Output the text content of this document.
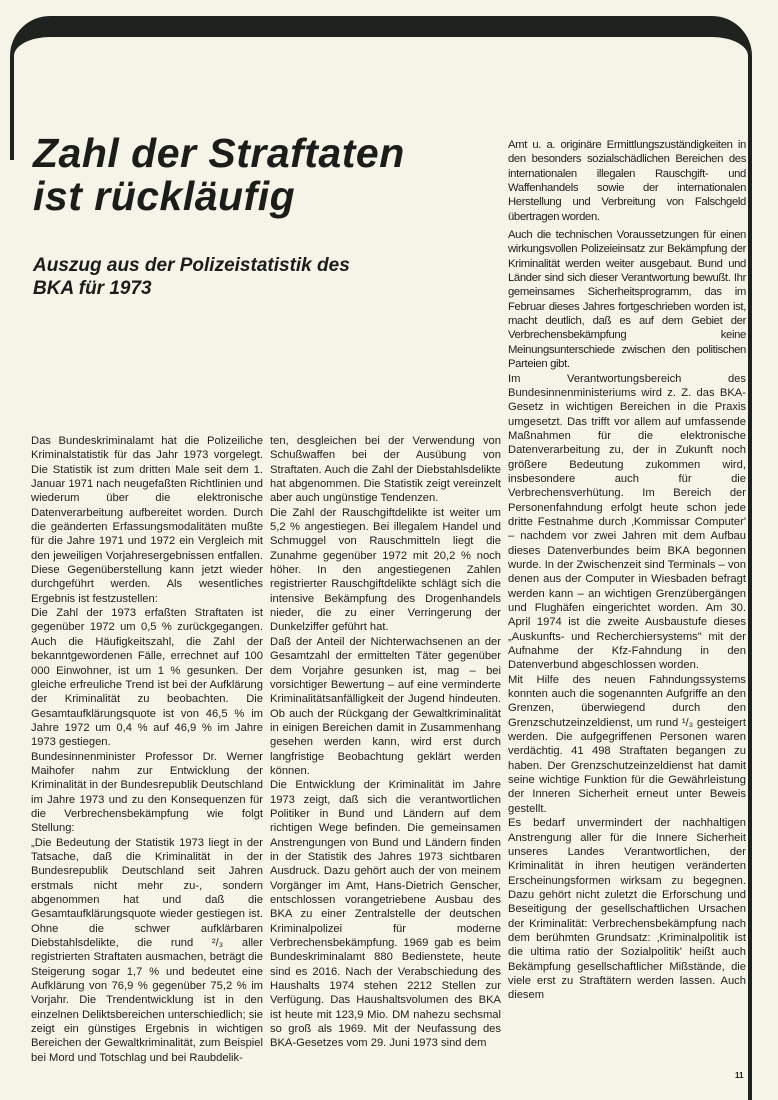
Zahl der Straftaten
ist rückläufig
Auszug aus der Polizeistatistik des
BKA für 1973

Das Bundeskriminalamt hat die Polizeiliche Kriminalstatistik für das Jahr 1973 vorgelegt. Die Statistik ist zum dritten Male seit dem 1. Januar 1971 nach neugefaßten Richtlinien und wiederum über die elektronische Datenverarbeitung aufbereitet worden. Durch die geänderten Erfassungsmodalitäten mußte für die Jahre 1971 und 1972 ein Vergleich mit den jeweiligen Vorjahresergebnissen entfallen. Diese Gegenüberstellung kann jetzt wieder durchgeführt werden. Als wesentliches Ergebnis ist festzustellen:

Die Zahl der 1973 erfaßten Straftaten ist gegenüber 1972 um 0,5 % zurückgegangen. Auch die Häufigkeitszahl, die Zahl der bekanntgewordenen Fälle, errechnet auf 100 000 Einwohner, ist um 1 % gesunken. Der gleiche erfreuliche Trend ist bei der Aufklärung der Kriminalität zu beobachten. Die Gesamtaufklärungsquote ist von 46,5 % im Jahre 1972 um 0,4 % auf 46,9 % im Jahre 1973 gestiegen.

Bundesinnenminister Professor Dr. Werner Maihofer nahm zur Entwicklung der Kriminalität in der Bundesrepublik Deutschland im Jahre 1973 und zu den Konsequenzen für die Verbrechensbekämpfung wie folgt Stellung:

„Die Bedeutung der Statistik 1973 liegt in der Tatsache, daß die Kriminalität in der Bundesrepublik Deutschland seit Jahren erstmals nicht mehr zu-, sondern abgenommen hat und daß die Gesamtaufklärungsquote wieder gestiegen ist. Ohne die schwer aufklärbaren Diebstahlsdelikte, die rund ²/₃ aller registrierten Straftaten ausmachen, beträgt die Steigerung sogar 1,7 % und bedeutet eine Aufklärung von 76,9 % gegenüber 75,2 % im Vorjahr. Die Trendentwicklung ist in den einzelnen Deliktsbereichen unterschiedlich; sie zeigt ein günstiges Ergebnis in wichtigen Bereichen der Gewaltkriminalität, zum Beispiel bei Mord und Totschlag und bei Raubdelik-

ten, desgleichen bei der Verwendung von Schußwaffen bei der Ausübung von Straftaten. Auch die Zahl der Diebstahlsdelikte hat abgenommen. Die Statistik zeigt vereinzelt aber auch ungünstige Tendenzen.

Die Zahl der Rauschgiftdelikte ist weiter um 5,2 % angestiegen. Bei illegalem Handel und Schmuggel von Rauschmitteln liegt die Zunahme gegenüber 1972 mit 20,2 % noch höher. In den angestiegenen Zahlen registrierter Rauschgiftdelikte schlägt sich die intensive Bekämpfung des Drogenhandels nieder, die zu einer Verringerung der Dunkelziffer geführt hat.

Daß der Anteil der Nichterwachsenen an der Gesamtzahl der ermittelten Täter gegenüber dem Vorjahre gesunken ist, mag – bei vorsichtiger Bewertung – auf eine verminderte Kriminalitätsanfälligkeit der Jugend hindeuten. Ob auch der Rückgang der Gewaltkriminalität in einigen Bereichen damit in Zusammenhang gesehen werden kann, wird erst durch langfristige Beobachtung geklärt werden können.

Die Entwicklung der Kriminalität im Jahre 1973 zeigt, daß sich die verantwortlichen Politiker in Bund und Ländern auf dem richtigen Wege befinden. Die gemeinsamen Anstrengungen von Bund und Ländern finden in der Statistik des Jahres 1973 sichtbaren Ausdruck. Dazu gehört auch der von meinem Vorgänger im Amt, Hans-Dietrich Genscher, entschlossen vorangetriebene Ausbau des BKA zu einer Zentralstelle der deutschen Kriminalpolizei für moderne Verbrechensbekämpfung. 1969 gab es beim Bundeskriminalamt 880 Bedienstete, heute sind es 2016. Nach der Verabschiedung des Haushalts 1974 stehen 2212 Stellen zur Verfügung. Das Haushaltsvolumen des BKA ist heute mit 123,9 Mio. DM nahezu sechsmal so groß als 1969. Mit der Neufassung des BKA-Gesetzes vom 29. Juni 1973 sind dem

Amt u. a. originäre Ermittlungszuständigkeiten in den besonders sozialschädlichen Bereichen des internationalen illegalen Rauschgift- und Waffenhandels sowie der internationalen Herstellung und Verbreitung von Falschgeld übertragen worden.

Auch die technischen Voraussetzungen für einen wirkungsvollen Polizeieinsatz zur Bekämpfung der Kriminalität werden weiter ausgebaut. Bund und Länder sind sich dieser Verantwortung bewußt. Ihr gemeinsames Sicherheitsprogramm, das im Februar dieses Jahres fortgeschrieben worden ist, macht deutlich, daß es auf dem Gebiet der Verbrechensbekämpfung keine Meinungsunterschiede zwischen den politischen Parteien gibt.

Im Verantwortungsbereich des Bundesinnenministeriums wird z. Z. das BKA-Gesetz in wichtigen Bereichen in die Praxis umgesetzt. Das trifft vor allem auf umfassende Maßnahmen für die elektronische Datenverarbeitung zu, der in Zukunft noch größere Bedeutung zukommen wird, insbesondere auch für die Verbrechensverhütung. Im Bereich der Personenfahndung erfolgt heute schon jede dritte Festnahme durch ‚Kommissar Computer' – nachdem vor zwei Jahren mit dem Aufbau dieses Datenverbundes beim BKA begonnen wurde. In der Zwischenzeit sind Terminals – von denen aus der Computer in Wiesbaden befragt werden kann – an wichtigen Grenzübergängen und Flughäfen eingerichtet worden. Am 30. April 1974 ist die zweite Ausbaustufe dieses „Auskunfts- und Recherchiersystems" mit der Aufnahme der Kfz-Fahndung in den Datenverbund abgeschlossen worden.

Mit Hilfe des neuen Fahndungssystems konnten auch die sogenannten Aufgriffe an den Grenzen, überwiegend durch den Grenzschutzeinzeldienst, um rund ¹/₃ gesteigert werden. Die aufgegriffenen Personen waren verdächtig. 41 498 Straftaten begangen zu haben. Der Grenzschutzeinzeldienst hat damit seine wichtige Funktion für die Gewährleistung der Inneren Sicherheit erneut unter Beweis gestellt.

Es bedarf unvermindert der nachhaltigen Anstrengung aller für die Innere Sicherheit unseres Landes Verantwortlichen, der Kriminalität in ihren heutigen veränderten Erscheinungsformen wirksam zu begegnen. Dazu gehört nicht zuletzt die Erforschung und Beseitigung der gesellschaftlichen Ursachen der Kriminalität: Verbrechensbekämpfung nach dem berühmten Grundsatz: ‚Kriminalpolitik ist die ultima ratio der Sozialpolitik' heißt auch Bekämpfung gesellschaftlicher Mißstände, die viele erst zu Straftätern werden lassen. Auch diesem

11
